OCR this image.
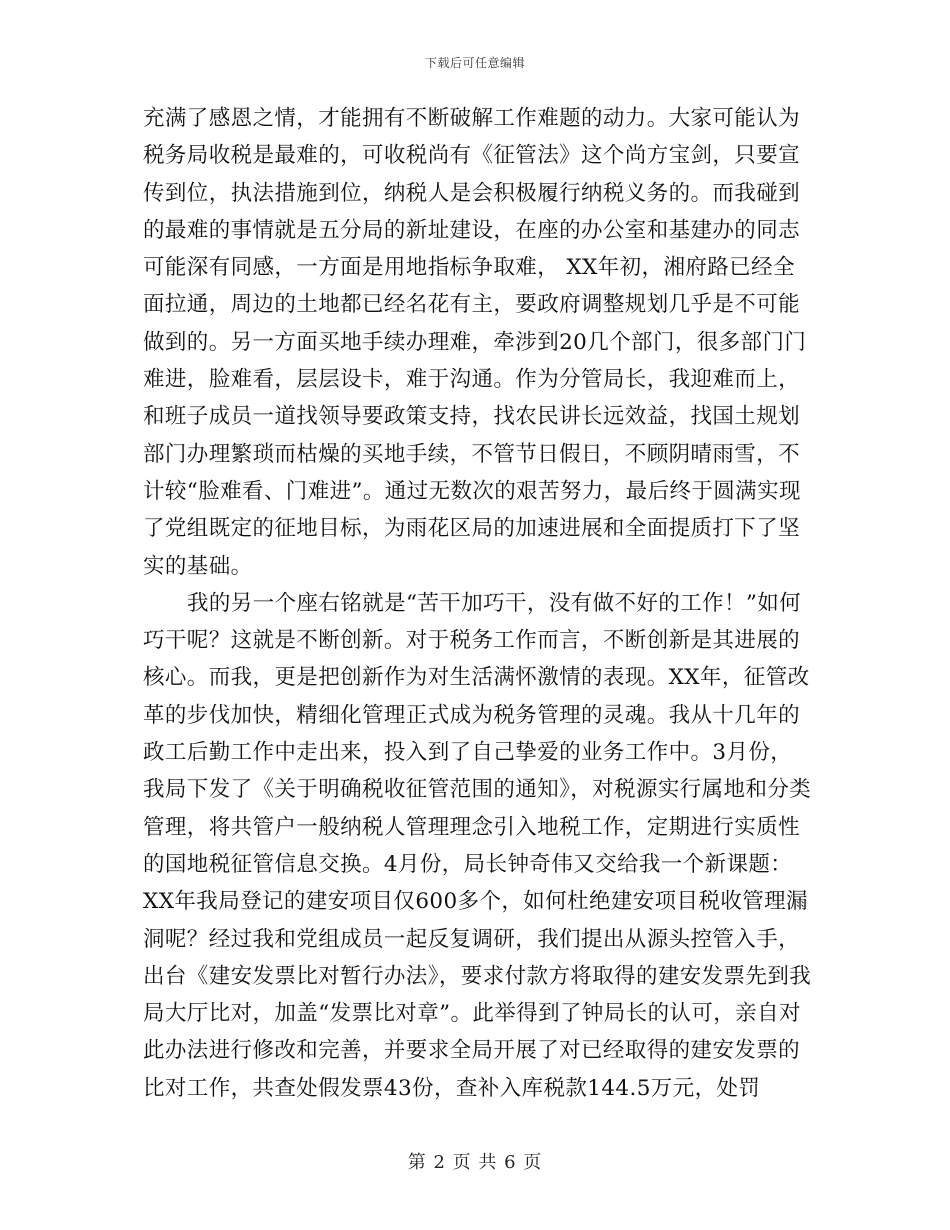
下载后可任意编辑

充满了感恩之情，才能拥有不断破解工作难题的动力。大家可能认为税务局收税是最难的，可收税尚有《征管法》这个尚方宝剑，只要宣传到位，执法措施到位，纳税人是会积极履行纳税义务的。而我碰到的最难的事情就是五分局的新址建设，在座的办公室和基建办的同志可能深有同感，一方面是用地指标争取难， XX年初，湘府路已经全面拉通，周边的土地都已经名花有主，要政府调整规划几乎是不可能做到的。另一方面买地手续办理难，牵涉到20几个部门，很多部门门难进，脸难看，层层设卡，难于沟通。作为分管局长，我迎难而上，和班子成员一道找领导要政策支持，找农民讲长远效益，找国土规划部门办理繁琐而枯燥的买地手续，不管节日假日，不顾阴晴雨雪，不计较“脸难看、门难进”。通过无数次的艰苦努力，最后终于圆满实现了党组既定的征地目标，为雨花区局的加速进展和全面提质打下了坚实的基础。

我的另一个座右铭就是“苦干加巧干，没有做不好的工作！”如何巧干呢？这就是不断创新。对于税务工作而言，不断创新是其进展的核心。而我，更是把创新作为对生活满怀激情的表现。XX年，征管改革的步伐加快，精细化管理正式成为税务管理的灵魂。我从十几年的政工后勤工作中走出来，投入到了自己挚爱的业务工作中。3月份，我局下发了《关于明确税收征管范围的通知》，对税源实行属地和分类管理，将共管户一般纳税人管理理念引入地税工作，定期进行实质性的国地税征管信息交换。4月份，局长钟奇伟又交给我一个新课题：XX年我局登记的建安项目仅600多个，如何杜绝建安项目税收管理漏洞呢？经过我和党组成员一起反复调研，我们提出从源头控管入手，出台《建安发票比对暂行办法》，要求付款方将取得的建安发票先到我局大厅比对，加盖“发票比对章”。此举得到了钟局长的认可，亲自对此办法进行修改和完善，并要求全局开展了对已经取得的建安发票的比对工作，共查处假发票43份，查补入库税款144.5万元，处罚

第 2 页 共 6 页
